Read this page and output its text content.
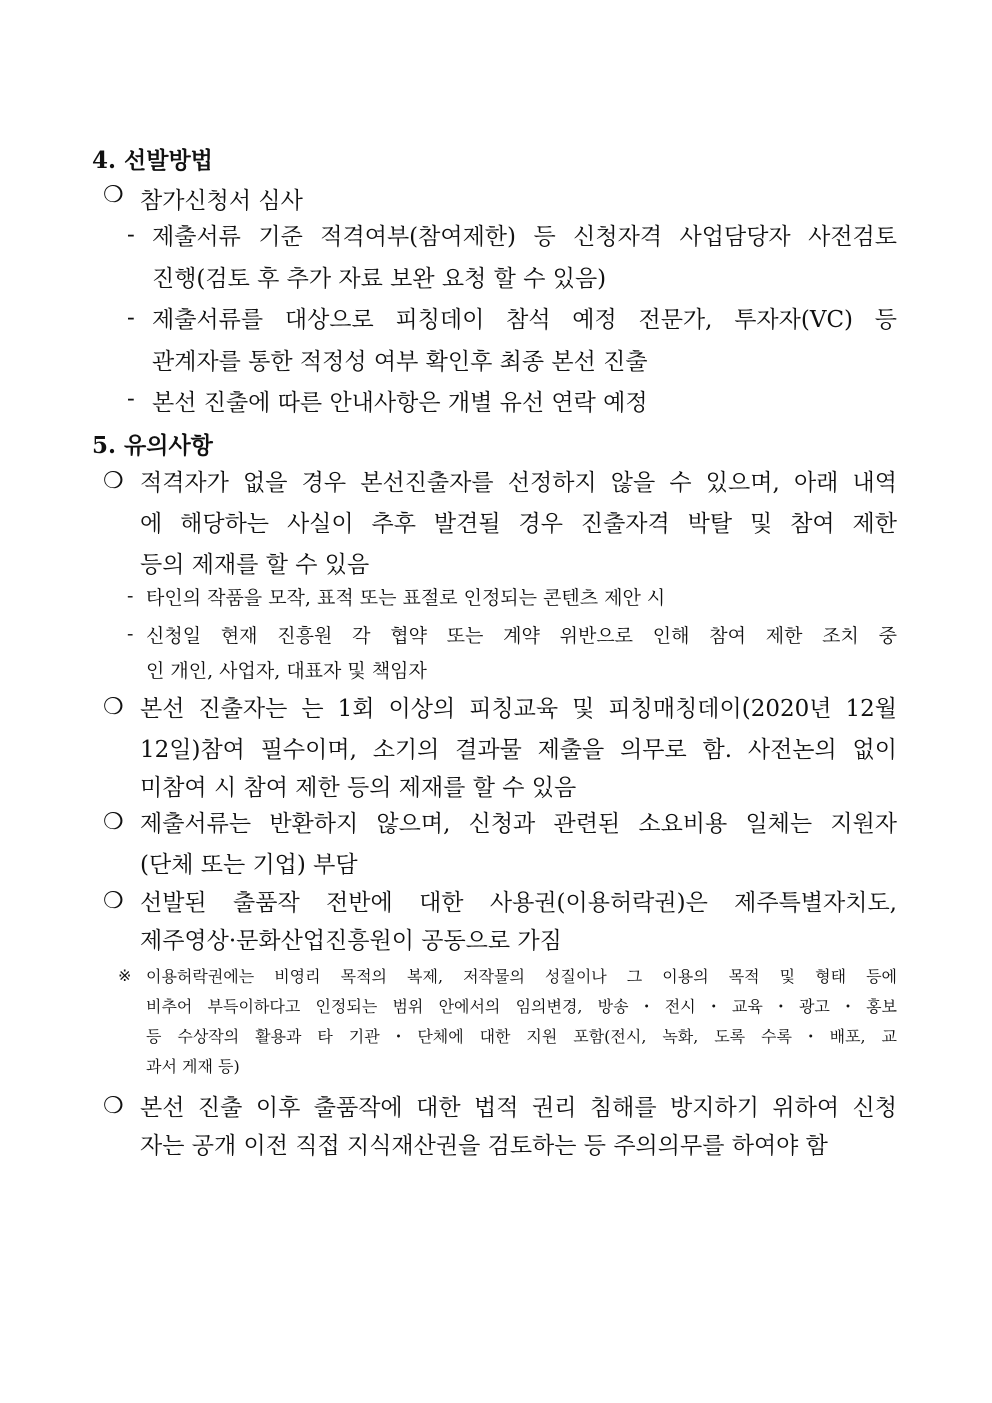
4. 선발방법
❍ 참가신청서 심사
- 제출서류 기준 적격여부(참여제한) 등 신청자격 사업담당자 사전검토
진행(검토 후 추가 자료 보완 요청 할 수 있음)
- 제출서류를 대상으로 피칭데이 참석 예정 전문가, 투자자(VC) 등
관계자를 통한 적정성 여부 확인후 최종 본선 진출
- 본선 진출에 따른 안내사항은 개별 유선 연락 예정
5. 유의사항
❍ 적격자가 없을 경우 본선진출자를 선정하지 않을 수 있으며, 아래 내역
에 해당하는 사실이 추후 발견될 경우 진출자격 박탈 및 참여 제한
등의 제재를 할 수 있음
- 타인의 작품을 모작, 표적 또는 표절로 인정되는 콘텐츠 제안 시
- 신청일 현재 진흥원 각 협약 또는 계약 위반으로 인해 참여 제한 조치 중
인 개인, 사업자, 대표자 및 책임자
❍ 본선 진출자는 는 1회 이상의 피칭교육 및 피칭매칭데이(2020년 12월
12일)참여 필수이며, 소기의 결과물 제출을 의무로 함. 사전논의 없이
미참여 시 참여 제한 등의 제재를 할 수 있음
❍ 제출서류는 반환하지 않으며, 신청과 관련된 소요비용 일체는 지원자
(단체 또는 기업) 부담
❍ 선발된 출품작 전반에 대한 사용권(이용허락권)은 제주특별자치도,
제주영상·문화산업진흥원이 공동으로 가짐
※ 이용허락권에는 비영리 목적의 복제, 저작물의 성질이나 그 이용의 목적 및 형태 등에
비추어 부득이하다고 인정되는 범위 안에서의 임의변경, 방송・전시・교육・광고・홍보
등 수상작의 활용과 타 기관・단체에 대한 지원 포함(전시, 녹화, 도록 수록・배포, 교
과서 게재 등)
❍ 본선 진출 이후 출품작에 대한 법적 권리 침해를 방지하기 위하여 신청
자는 공개 이전 직접 지식재산권을 검토하는 등 주의의무를 하여야 함
